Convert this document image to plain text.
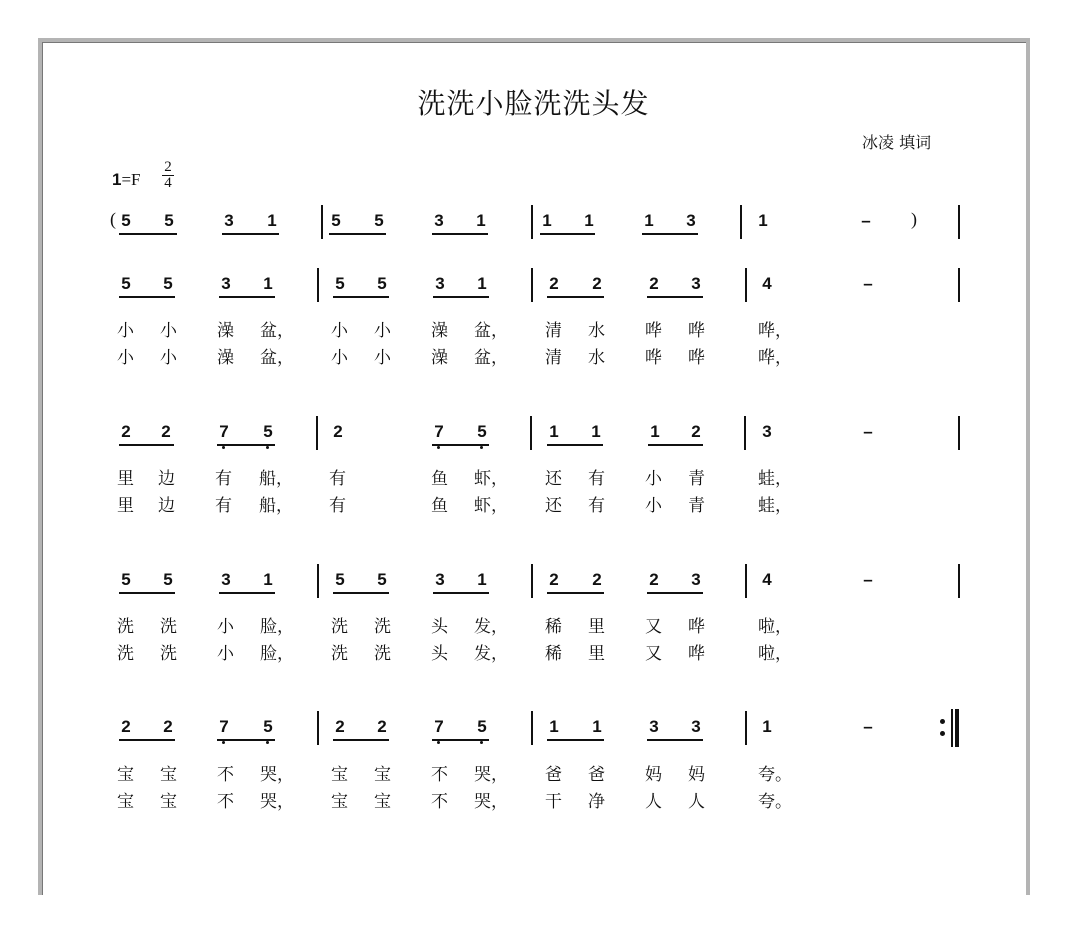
洗洗小脸洗洗头发
冰凌 填词
$1=F \frac{2}{4}$
( 5 5	3 1	5 5	3 1	1 1	1 3	1	– )
5 5	3 1	5 5	3 1	2 2	2 3	4	–
小 小 澡 盆， 小 小 澡 盆， 清 水 哗 哗	哗，
小 小 澡 盆， 小 小 澡 盆， 清 水 哗 哗	哗，
2 2	7 5	2	7 5	1 1	1 2	3	–
里 边 有 船， 有	鱼 虾， 还 有 小 青	蛙，
里 边 有 船， 有	鱼 虾， 还 有 小 青	蛙，
5 5	3 1	5 5	3 1	2 2	2 3	4	–
洗 洗 小 脸， 洗 洗 头 发， 稀 里 又 哗	啦，
洗 洗 小 脸， 洗 洗 头 发， 稀 里 又 哗	啦，
2 2	7 5	2 2	7 5	1 1	3 3	1	–
宝 宝 不 哭， 宝 宝 不 哭， 爸 爸 妈 妈	夸。
宝 宝 不 哭， 宝 宝 不 哭， 干 净 人 人	夸。
